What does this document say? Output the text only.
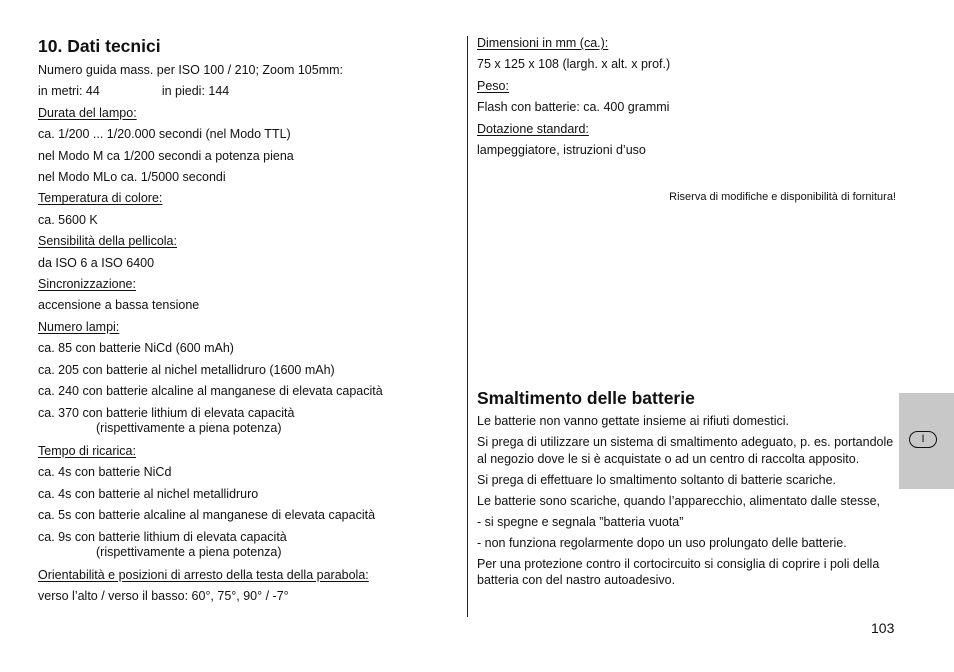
10. Dati tecnici
Numero guida mass. per ISO 100 / 210; Zoom 105mm:
in metri: 44	in piedi: 144
Durata del lampo:
ca. 1/200 ... 1/20.000 secondi (nel Modo TTL)
nel Modo M ca 1/200 secondi a potenza piena
nel Modo MLo ca. 1/5000 secondi
Temperatura di colore:
ca. 5600 K
Sensibilità della pellicola:
da ISO 6 a ISO 6400
Sincronizzazione:
accensione a bassa tensione
Numero lampi:
ca. 85 con batterie NiCd (600 mAh)
ca. 205 con batterie al nichel metallidruro (1600 mAh)
ca. 240 con batterie alcaline al manganese di elevata capacità
ca. 370 con batterie lithium di elevata capacità
(rispettivamente a piena potenza)
Tempo di ricarica:
ca. 4s con batterie NiCd
ca. 4s con batterie al nichel metallidruro
ca. 5s con batterie alcaline al manganese di elevata capacità
ca. 9s con batterie lithium di elevata capacità
(rispettivamente a piena potenza)
Orientabilità e posizioni di arresto della testa della parabola:
verso l’alto / verso il basso: 60°, 75°, 90° / -7°
Dimensioni in mm (ca.):
75 x 125 x 108 (largh. x alt. x prof.)
Peso:
Flash con batterie: ca. 400 grammi
Dotazione standard:
lampeggiatore, istruzioni d’uso
Riserva di modifiche e disponibilità di fornitura!
Smaltimento delle batterie
Le batterie non vanno gettate insieme ai rifiuti domestici.
Si prega di utilizzare un sistema di smaltimento adeguato, p. es. portandole al negozio dove le si è acquistate o ad un centro di raccolta apposito.
Si prega di effettuare lo smaltimento soltanto di batterie scariche.
Le batterie sono scariche, quando l’apparecchio, alimentato dalle stesse,
- si spegne e segnala ”batteria vuota”
- non funziona regolarmente dopo un uso prolungato delle batterie.
Per una protezione contro il cortocircuito si consiglia di coprire i poli della batteria con del nastro autoadesivo.
I
103
